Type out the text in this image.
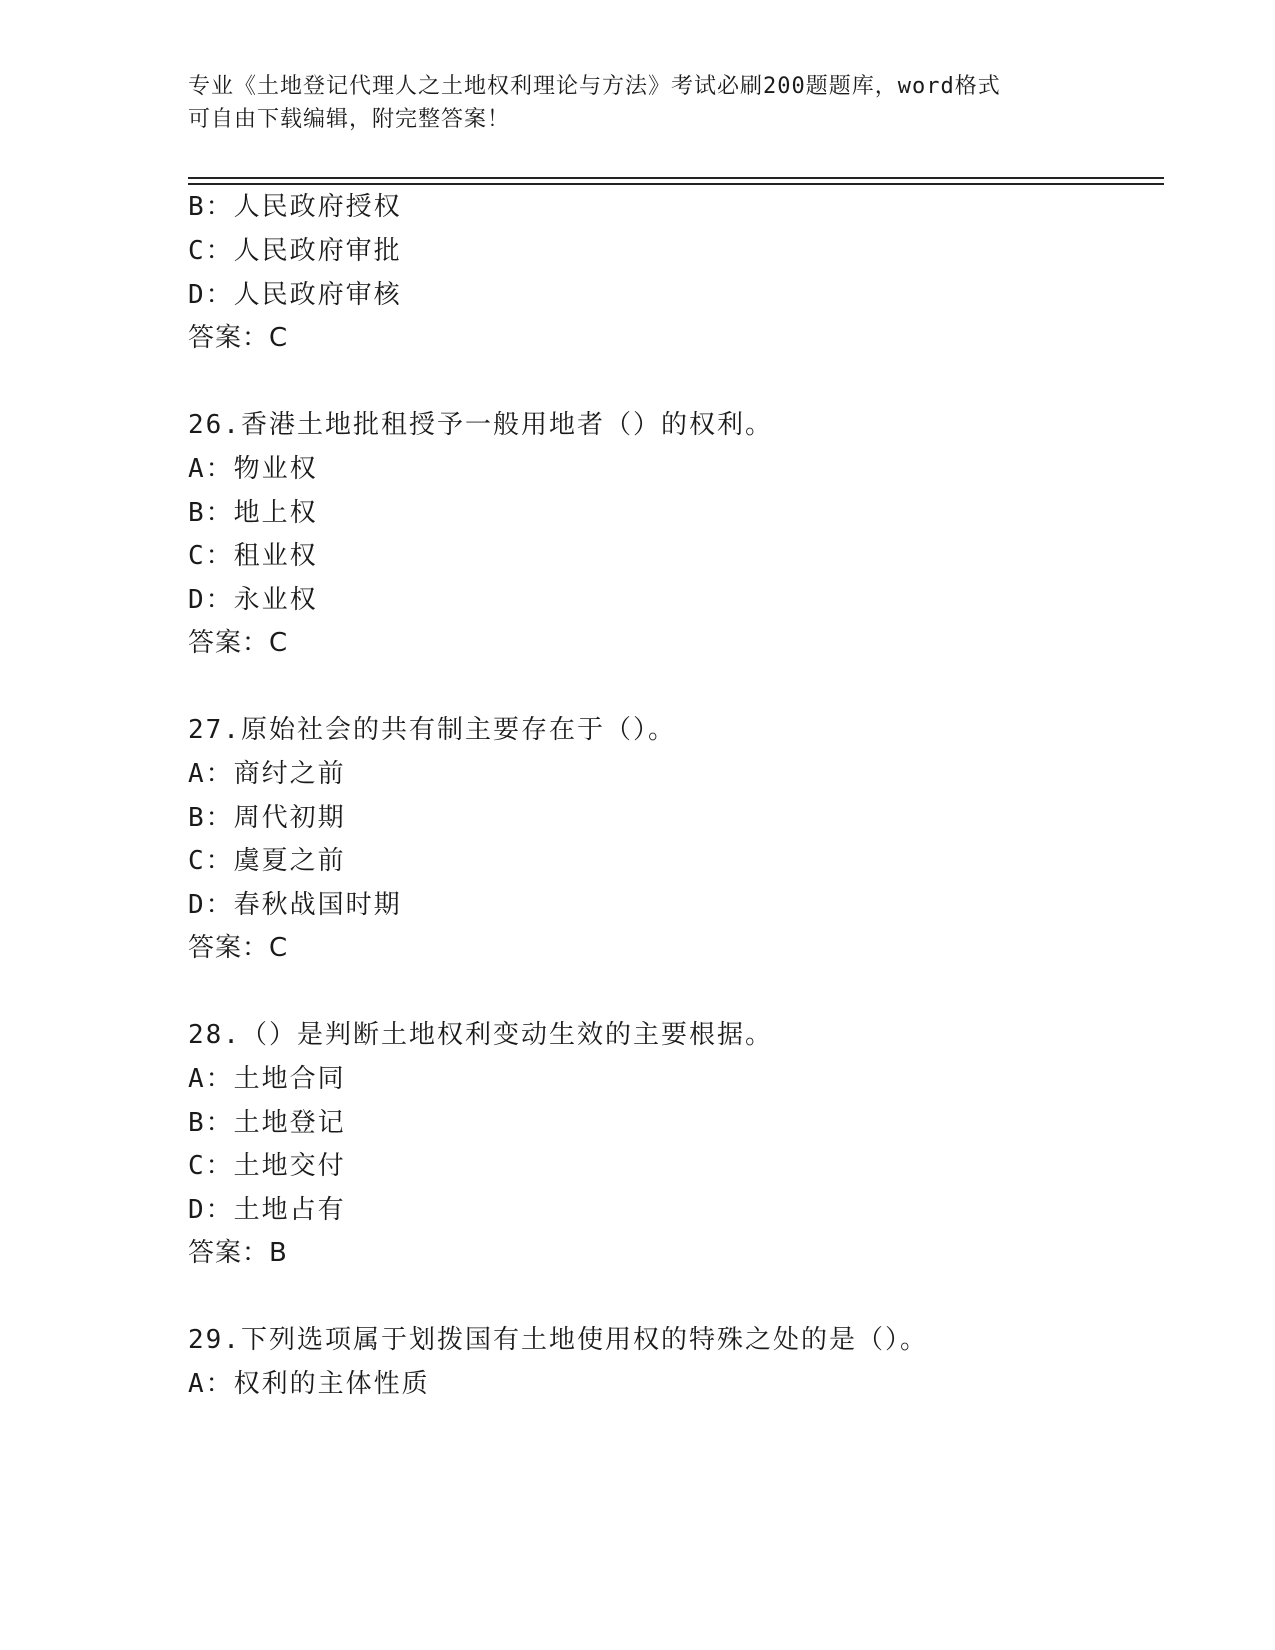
专业《土地登记代理人之土地权利理论与方法》考试必刷200题题库，word格式
可自由下载编辑，附完整答案！
B：人民政府授权
C：人民政府审批
D：人民政府审核
答案：C
26.香港土地批租授予一般用地者（）的权利。
A：物业权
B：地上权
C：租业权
D：永业权
答案：C
27.原始社会的共有制主要存在于（）。
A：商纣之前
B：周代初期
C：虞夏之前
D：春秋战国时期
答案：C
28.（）是判断土地权利变动生效的主要根据。
A：土地合同
B：土地登记
C：土地交付
D：土地占有
答案：B
29.下列选项属于划拨国有土地使用权的特殊之处的是（）。
A：权利的主体性质
